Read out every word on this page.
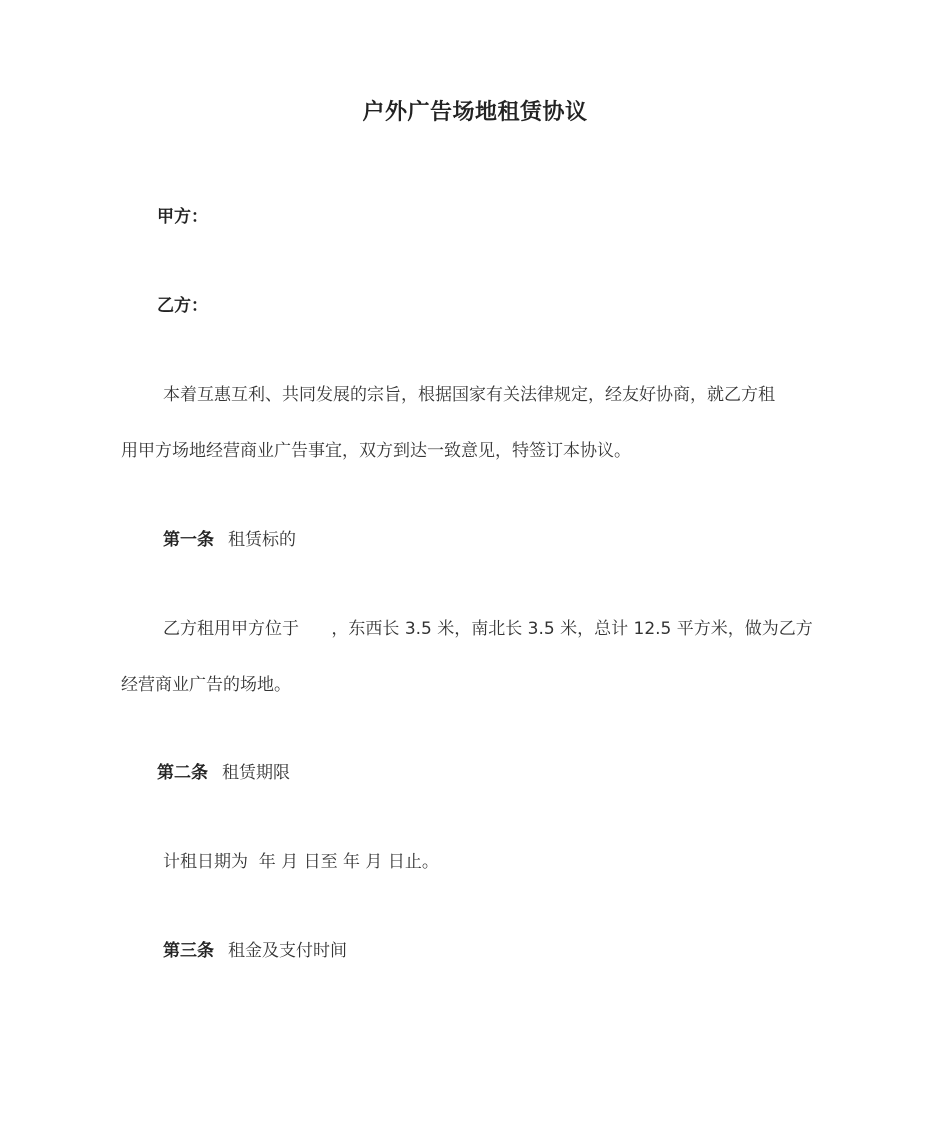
户外广告场地租赁协议
甲方：
乙方：
本着互惠互利、共同发展的宗旨，根据国家有关法律规定，经友好协商，就乙方租
用甲方场地经营商业广告事宜，双方到达一致意见，特签订本协议。
第一条 租赁标的
乙方租用甲方位于      ，东西长 3.5 米，南北长 3.5 米，总计 12.5 平方米，做为乙方
经营商业广告的场地。
第二条 租赁期限
计租日期为  年 月 日至 年 月 日止。
第三条 租金及支付时间
